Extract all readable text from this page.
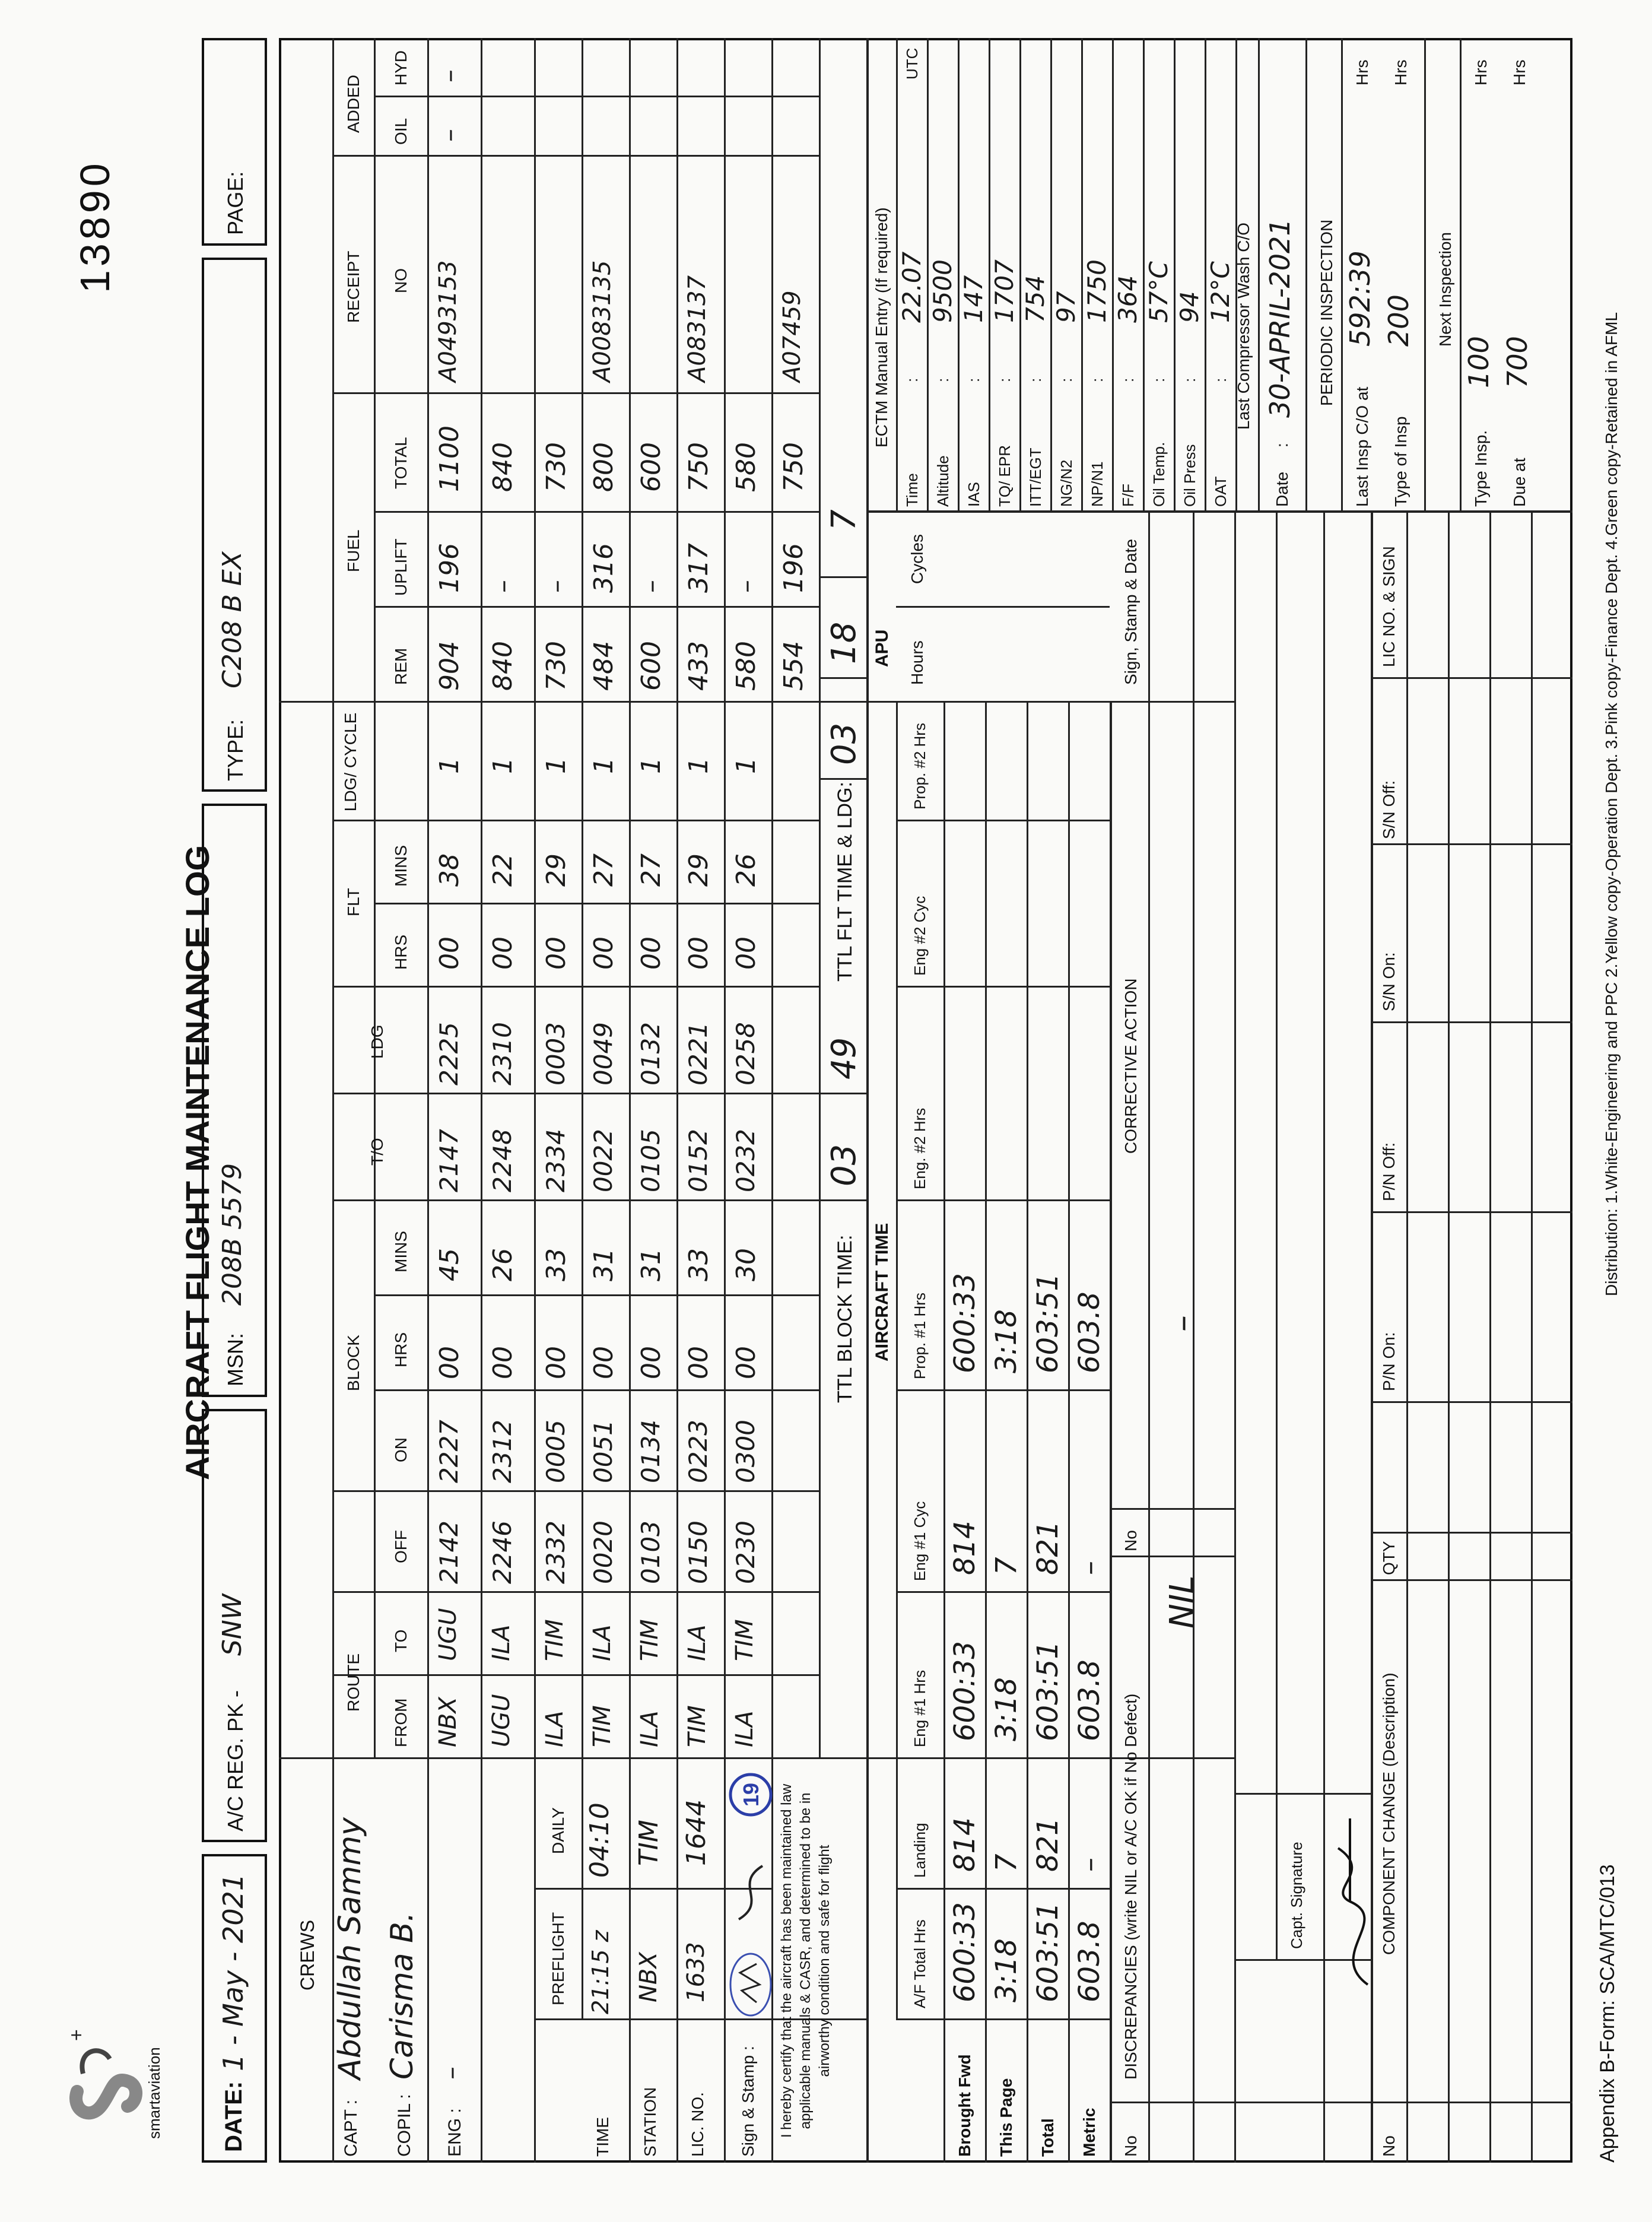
+
smartaviation
AIRCRAFT FLIGHT MAINTENANCE LOG
13890
DATE:
1 - May - 2021
A/C REG. PK -
SNW
MSN:
208B 5579
TYPE:
C208 B EX
PAGE:
CREWS
CAPT :
Abdullah Sammy
COPIL :
Carisma B.
ENG :
–
PREFLIGHT
DAILY
TIME
21:15 z
04:10
STATION
NBX
TIM
LIC. NO.
1633
1644
Sign & Stamp :
19 I hereby certify that the aircraft has been maintained law applicable manuals & CASR, and determined to be in airworthy condition and safe for flight
ROUTE
FROM
TO
BLOCK
OFF
ON
HRS
MINS
T/O
LDG
FLT
HRS
MINS
LDG/ CYCLE
FUEL
REM
UPLIFT
TOTAL
RECEIPT NO
ADDED OIL
HYD
NBX
UGU
2142
2227
00
45
2147
2225
00
38
1
904
196
1100
A0493153
–
–
UGU
ILA
2246
2312
00
26
2248
2310
00
22
1
840
–
840
ILA
TIM
2332
0005
00
33
2334
0003
00
29
1
730
–
730
TIM
ILA
0020
0051
00
31
0022
0049
00
27
1
484
316
800
A0083135
ILA
TIM
0103
0134
00
31
0105
0132
00
27
1
600
–
600
TIM
ILA
0150
0223
00
33
0152
0221
00
29
1
433
317
750
A083137
ILA
TIM
0230
0300
00
30
0232
0258
00
26
1
580
–
580
554
196
750
A07459
TTL BLOCK TIME:
03
49
TTL FLT TIME & LDG:
03
18
7
AIRCRAFT TIME
A/F Total Hrs
Landing
Eng #1 Hrs
Eng #1 Cyc
Prop. #1 Hrs
Eng. #2 Hrs
Eng #2 Cyc
Prop. #2 Hrs
Brought Fwd
600:33
814
600:33
814
600:33
This Page
3:18
7
3:18
7
3:18
Total
603:51
821
603:51
821
603:51
Metric
603.8
–
603.8
–
603.8
APU Hours
Cycles
No
DISCREPANCIES (write NIL or A/C OK if No Defect)
No
CORRECTIVE ACTION
Sign, Stamp & Date
NIL
–
Capt. Signature
No
COMPONENT CHANGE (Description)
QTY
P/N On:
P/N Off:
S/N On:
S/N Off:
LIC NO. & SIGN
ECTM Manual Entry (If required)
Time
:
22.07
UTC
Altitude
:
9500
IAS
:
147
TQ/ EPR
:
1707
ITT/EGT
:
754
NG/N2
:
97
NP/N1
:
1750
F/F
:
364
Oil Temp.
:
57°C
Oil Press
:
94
OAT
:
12°C Last Compressor Wash C/O
Date
:
30-APRIL-2021 PERIODIC INSPECTION
Last Insp C/O at
592:39
Hrs
Type of Insp
200
Hrs
Next Inspection
Type Insp.
100
Hrs
Due at
700
Hrs
Appendix B-Form: SCA/MTC/013
Distribution: 1.White-Engineering and PPC 2.Yellow copy-Operation Dept. 3.Pink copy-Finance Dept. 4.Green copy-Retained in AFML
